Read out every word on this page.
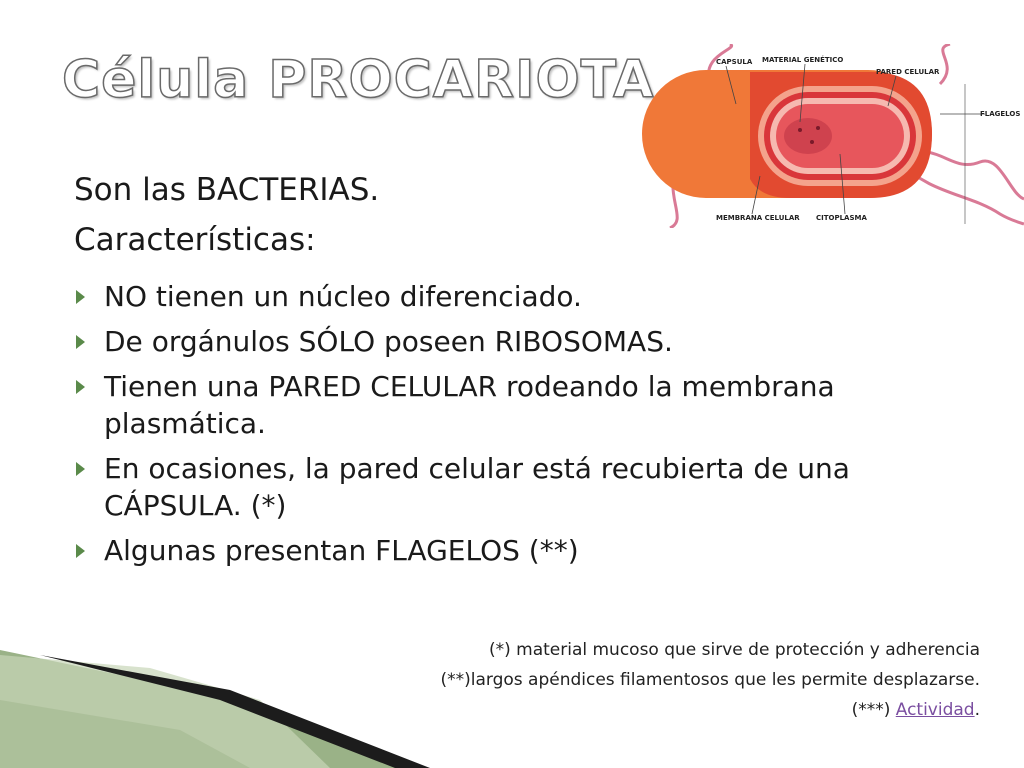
Célula PROCARIOTA	CAPSULA MATERIAL GENÉTICO
PARED CELULAR
FLAGELOS
MEMBRANA CELULAR CITOPLASMA
Son las BACTERIAS.
Características:
NO tienen un núcleo diferenciado.
De orgánulos SÓLO poseen RIBOSOMAS.
Tienen una PARED CELULAR rodeando la membrana plasmática.
En ocasiones, la pared celular está recubierta de una CÁPSULA. (*)
Algunas presentan FLAGELOS (**)
(*) material mucoso que sirve de protección y adherencia
(**)largos apéndices filamentosos que les permite desplazarse.
(***) Actividad.
